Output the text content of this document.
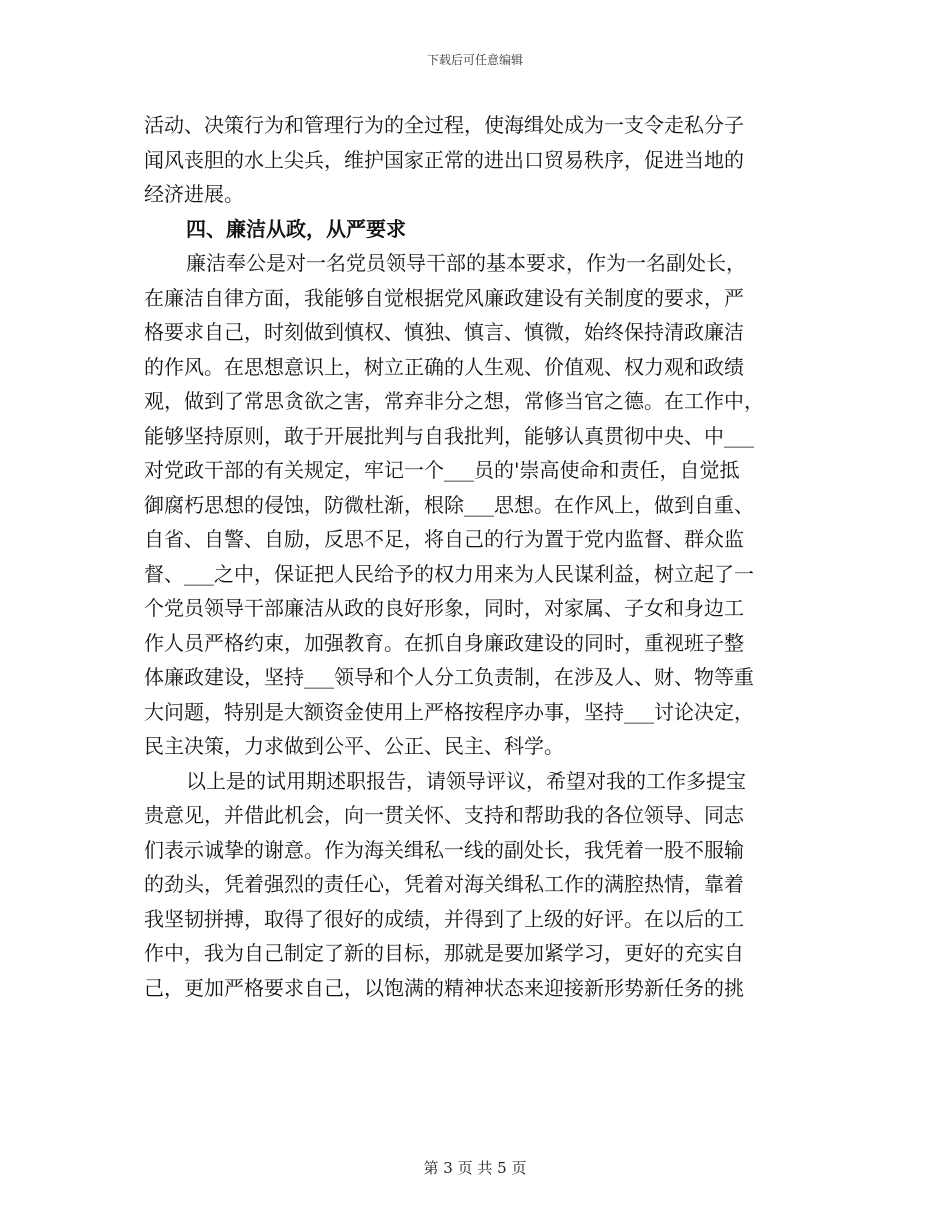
下载后可任意编辑
活动、决策行为和管理行为的全过程，使海缉处成为一支令走私分子
闻风丧胆的水上尖兵，维护国家正常的进出口贸易秩序，促进当地的
经济进展。
四、廉洁从政，从严要求
廉洁奉公是对一名党员领导干部的基本要求，作为一名副处长，
在廉洁自律方面，我能够自觉根据党风廉政建设有关制度的要求，严
格要求自己，时刻做到慎权、慎独、慎言、慎微，始终保持清政廉洁
的作风。在思想意识上，树立正确的人生观、价值观、权力观和政绩
观，做到了常思贪欲之害，常弃非分之想，常修当官之德。在工作中，
能够坚持原则，敢于开展批判与自我批判，能够认真贯彻中央、中___
对党政干部的有关规定，牢记一个___员的'崇高使命和责任，自觉抵
御腐朽思想的侵蚀，防微杜渐，根除___思想。在作风上，做到自重、
自省、自警、自励，反思不足，将自己的行为置于党内监督、群众监
督、___之中，保证把人民给予的权力用来为人民谋利益，树立起了一
个党员领导干部廉洁从政的良好形象，同时，对家属、子女和身边工
作人员严格约束，加强教育。在抓自身廉政建设的同时，重视班子整
体廉政建设，坚持___领导和个人分工负责制，在涉及人、财、物等重
大问题，特别是大额资金使用上严格按程序办事，坚持___讨论决定，
民主决策，力求做到公平、公正、民主、科学。
以上是的试用期述职报告，请领导评议，希望对我的工作多提宝
贵意见，并借此机会，向一贯关怀、支持和帮助我的各位领导、同志
们表示诚挚的谢意。作为海关缉私一线的副处长，我凭着一股不服输
的劲头，凭着强烈的责任心，凭着对海关缉私工作的满腔热情，靠着
我坚韧拼搏，取得了很好的成绩，并得到了上级的好评。在以后的工
作中，我为自己制定了新的目标，那就是要加紧学习，更好的充实自
己，更加严格要求自己，以饱满的精神状态来迎接新形势新任务的挑
第 3 页 共 5 页
